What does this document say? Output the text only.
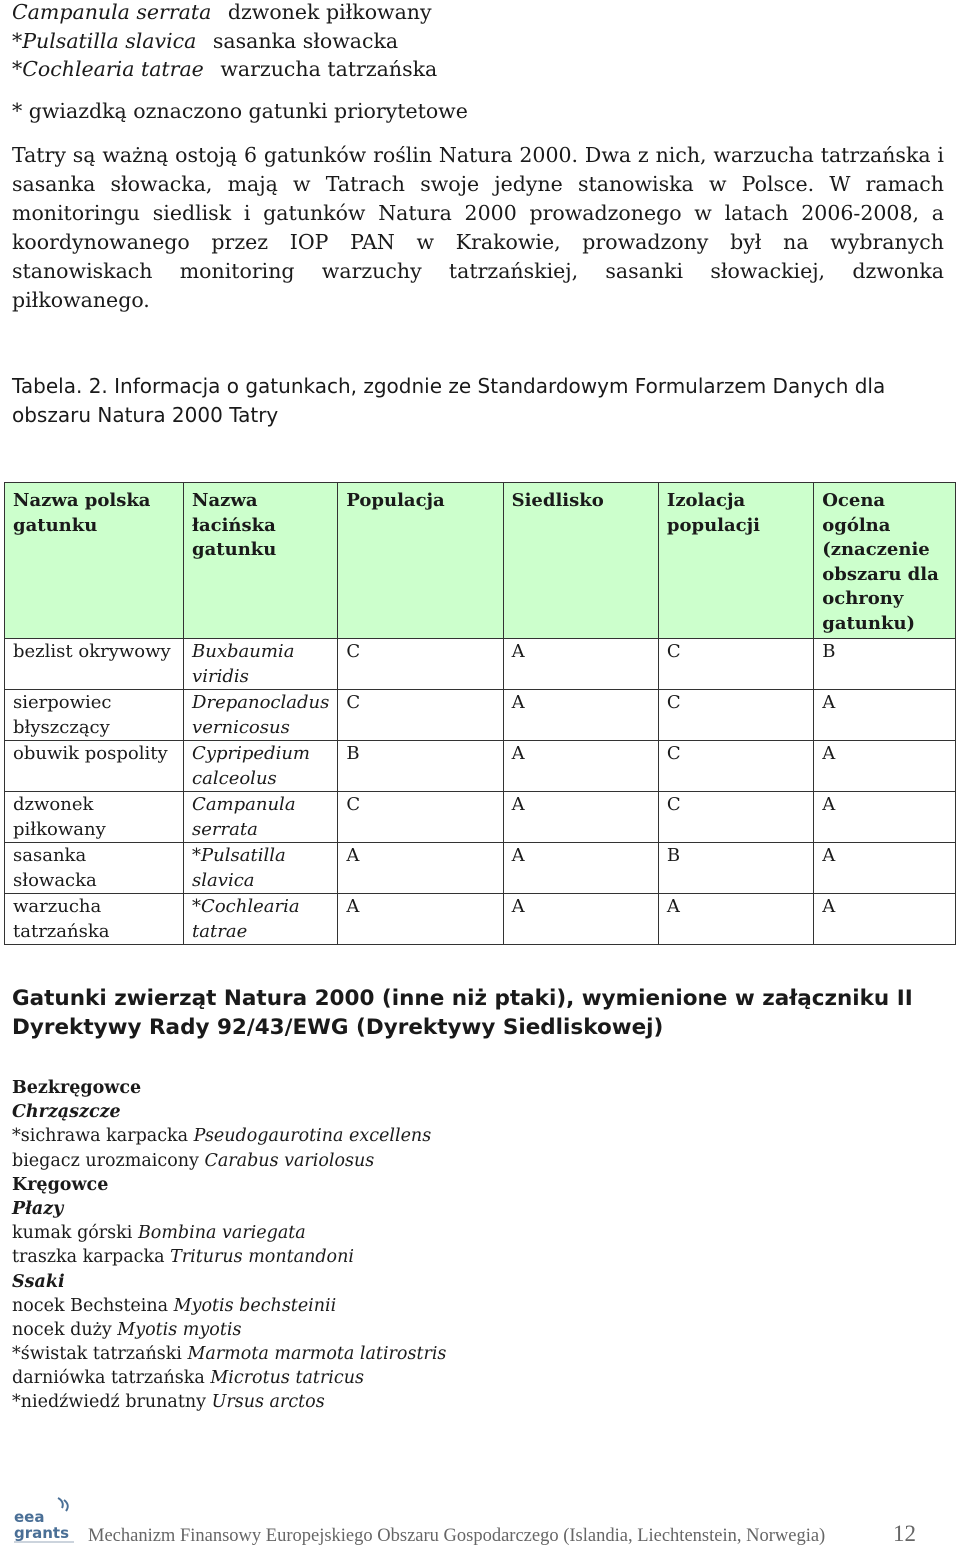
Campanula serrata dzwonek piłkowany
*Pulsatilla slavica sasanka słowacka
*Cochlearia tatrae warzucha tatrzańska
* gwiazdką oznaczono gatunki priorytetowe
Tatry są ważną ostoją 6 gatunków roślin Natura 2000. Dwa z nich, warzucha tatrzańska i
sasanka słowacka, mają w Tatrach swoje jedyne stanowiska w Polsce. W ramach
monitoringu siedlisk i gatunków Natura 2000 prowadzonego w latach 2006-2008, a
koordynowanego przez IOP PAN w Krakowie, prowadzony był na wybranych
stanowiskach monitoring warzuchy tatrzańskiej, sasanki słowackiej, dzwonka
piłkowanego.
Tabela. 2. Informacja o gatunkach, zgodnie ze Standardowym Formularzem Danych dla
obszaru Natura 2000 Tatry
Nazwa polska gatunku	Nazwa łacińska gatunku	Populacja	Siedlisko	Izolacja populacji	Ocena ogólna (znaczenie obszaru dla ochrony gatunku)
bezlist okrywowy	Buxbaumia viridis	C	A	C	B
sierpowiec błyszczący	Drepanocladus vernicosus	C	A	C	A
obuwik pospolity	Cypripedium calceolus	B	A	C	A
dzwonek piłkowany	Campanula serrata	C	A	C	A
sasanka słowacka	*Pulsatilla slavica	A	A	B	A
warzucha tatrzańska	*Cochlearia tatrae	A	A	A	A
Gatunki zwierząt Natura 2000 (inne niż ptaki), wymienione w załączniku II
Dyrektywy Rady 92/43/EWG (Dyrektywy Siedliskowej)
Bezkręgowce
Chrząszcze
*sichrawa karpacka Pseudogaurotina excellens
biegacz urozmaicony Carabus variolosus
Kręgowce
Płazy
kumak górski Bombina variegata
traszka karpacka Triturus montandoni
Ssaki
nocek Bechsteina Myotis bechsteinii
nocek duży Myotis myotis
*świstak tatrzański Marmota marmota latirostris
darniówka tatrzańska Microtus tatricus
*niedźwiedź brunatny Ursus arctos
eea
grants Mechanizm Finansowy Europejskiego Obszaru Gospodarczego (Islandia, Liechtenstein, Norwegia)	12
